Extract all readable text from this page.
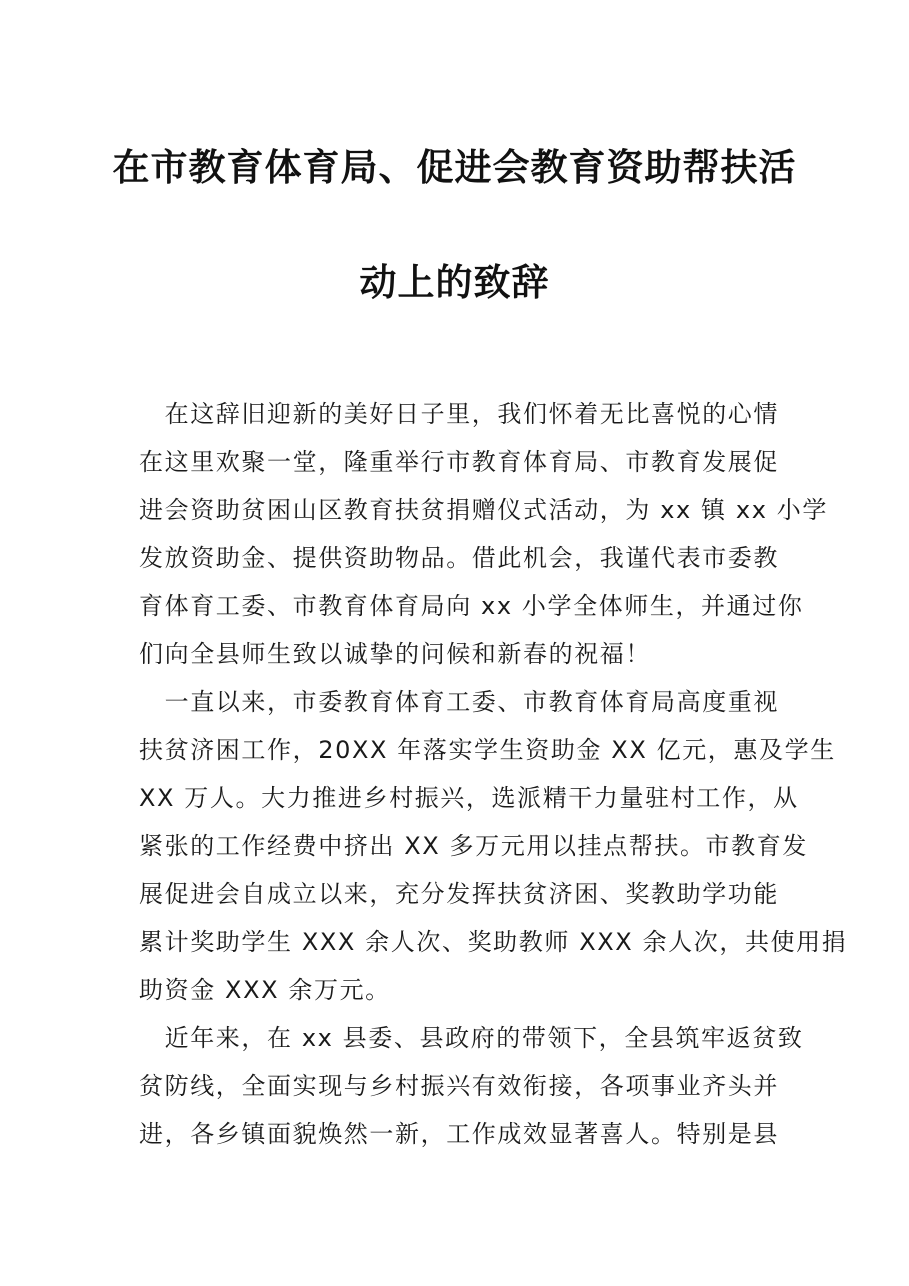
在市教育体育局、促进会教育资助帮扶活
动上的致辞
　在这辞旧迎新的美好日子里，我们怀着无比喜悦的心情
在这里欢聚一堂，隆重举行市教育体育局、市教育发展促
进会资助贫困山区教育扶贫捐赠仪式活动，为 xx 镇 xx 小学
发放资助金、提供资助物品。借此机会，我谨代表市委教
育体育工委、市教育体育局向 xx 小学全体师生，并通过你
们向全县师生致以诚挚的问候和新春的祝福！
　一直以来，市委教育体育工委、市教育体育局高度重视
扶贫济困工作，20XX 年落实学生资助金 XX 亿元，惠及学生
XX 万人。大力推进乡村振兴，选派精干力量驻村工作，从
紧张的工作经费中挤出 XX 多万元用以挂点帮扶。市教育发
展促进会自成立以来，充分发挥扶贫济困、奖教助学功能
累计奖助学生 XXX 余人次、奖助教师 XXX 余人次，共使用捐
助资金 XXX 余万元。
　近年来，在 xx 县委、县政府的带领下，全县筑牢返贫致
贫防线，全面实现与乡村振兴有效衔接，各项事业齐头并
进，各乡镇面貌焕然一新，工作成效显著喜人。特别是县
